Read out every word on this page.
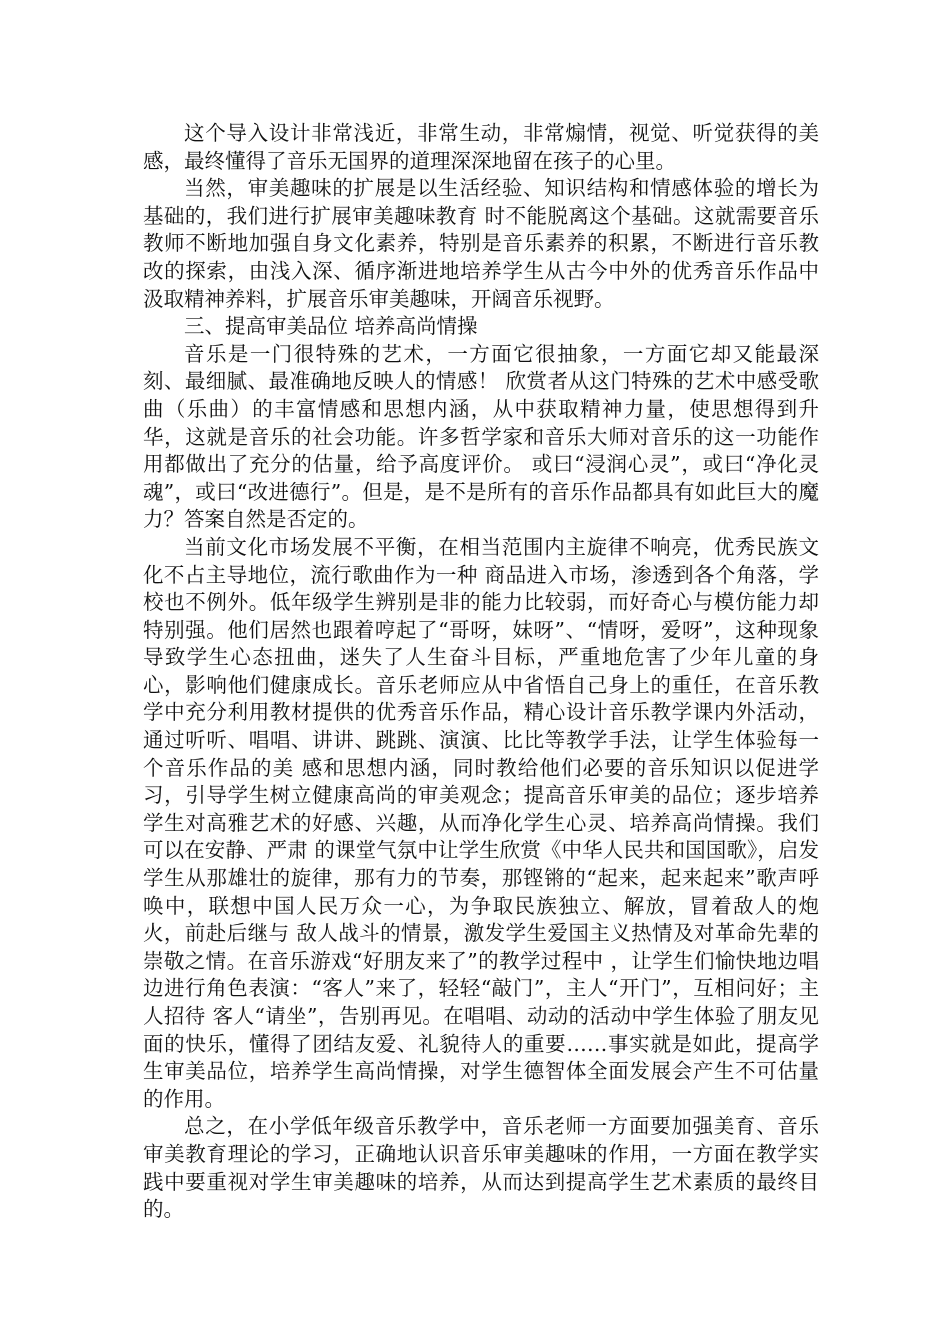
这个导入设计非常浅近，非常生动，非常煽情，视觉、听觉获得的美感，最终懂得了音乐无国界的道理深深地留在孩子的心里。

当然，审美趣味的扩展是以生活经验、知识结构和情感体验的增长为基础的，我们进行扩展审美趣味教育 时不能脱离这个基础。这就需要音乐教师不断地加强自身文化素养，特别是音乐素养的积累，不断进行音乐教改的探索，由浅入深、循序渐进地培养学生从古今中外的优秀音乐作品中汲取精神养料，扩展音乐审美趣味，开阔音乐视野。

三、提高审美品位 培养高尚情操

音乐是一门很特殊的艺术，一方面它很抽象，一方面它却又能最深刻、最细腻、最准确地反映人的情感！ 欣赏者从这门特殊的艺术中感受歌曲（乐曲）的丰富情感和思想内涵，从中获取精神力量，使思想得到升华，这就是音乐的社会功能。许多哲学家和音乐大师对音乐的这一功能作用都做出了充分的估量，给予高度评价。 或曰“浸润心灵”，或曰“净化灵魂”，或曰“改进德行”。但是，是不是所有的音乐作品都具有如此巨大的魔力？答案自然是否定的。

当前文化市场发展不平衡，在相当范围内主旋律不响亮，优秀民族文化不占主导地位，流行歌曲作为一种 商品进入市场，渗透到各个角落，学校也不例外。低年级学生辨别是非的能力比较弱，而好奇心与模仿能力却特别强。他们居然也跟着哼起了“哥呀，妹呀”、“情呀，爱呀”，这种现象导致学生心态扭曲，迷失了人生奋斗目标，严重地危害了少年儿童的身心，影响他们健康成长。音乐老师应从中省悟自己身上的重任，在音乐教学中充分利用教材提供的优秀音乐作品，精心设计音乐教学课内外活动，通过听听、唱唱、讲讲、跳跳、演演、比比等教学手法，让学生体验每一个音乐作品的美 感和思想内涵，同时教给他们必要的音乐知识以促进学习，引导学生树立健康高尚的审美观念；提高音乐审美的品位；逐步培养学生对高雅艺术的好感、兴趣，从而净化学生心灵、培养高尚情操。我们可以在安静、严肃 的课堂气氛中让学生欣赏《中华人民共和国国歌》，启发学生从那雄壮的旋律，那有力的节奏，那铿锵的“起来，起来起来”歌声呼唤中，联想中国人民万众一心，为争取民族独立、解放，冒着敌人的炮火，前赴后继与 敌人战斗的情景，激发学生爱国主义热情及对革命先辈的崇敬之情。在音乐游戏“好朋友来了”的教学过程中 ，让学生们愉快地边唱边进行角色表演：“客人”来了，轻轻“敲门”，主人“开门”，互相问好；主人招待 客人“请坐”，告别再见。在唱唱、动动的活动中学生体验了朋友见面的快乐，懂得了团结友爱、礼貌待人的重要……事实就是如此，提高学生审美品位，培养学生高尚情操，对学生德智体全面发展会产生不可估量的作用。

总之，在小学低年级音乐教学中，音乐老师一方面要加强美育、音乐审美教育理论的学习，正确地认识音乐审美趣味的作用，一方面在教学实践中要重视对学生审美趣味的培养，从而达到提高学生艺术素质的最终目的。
